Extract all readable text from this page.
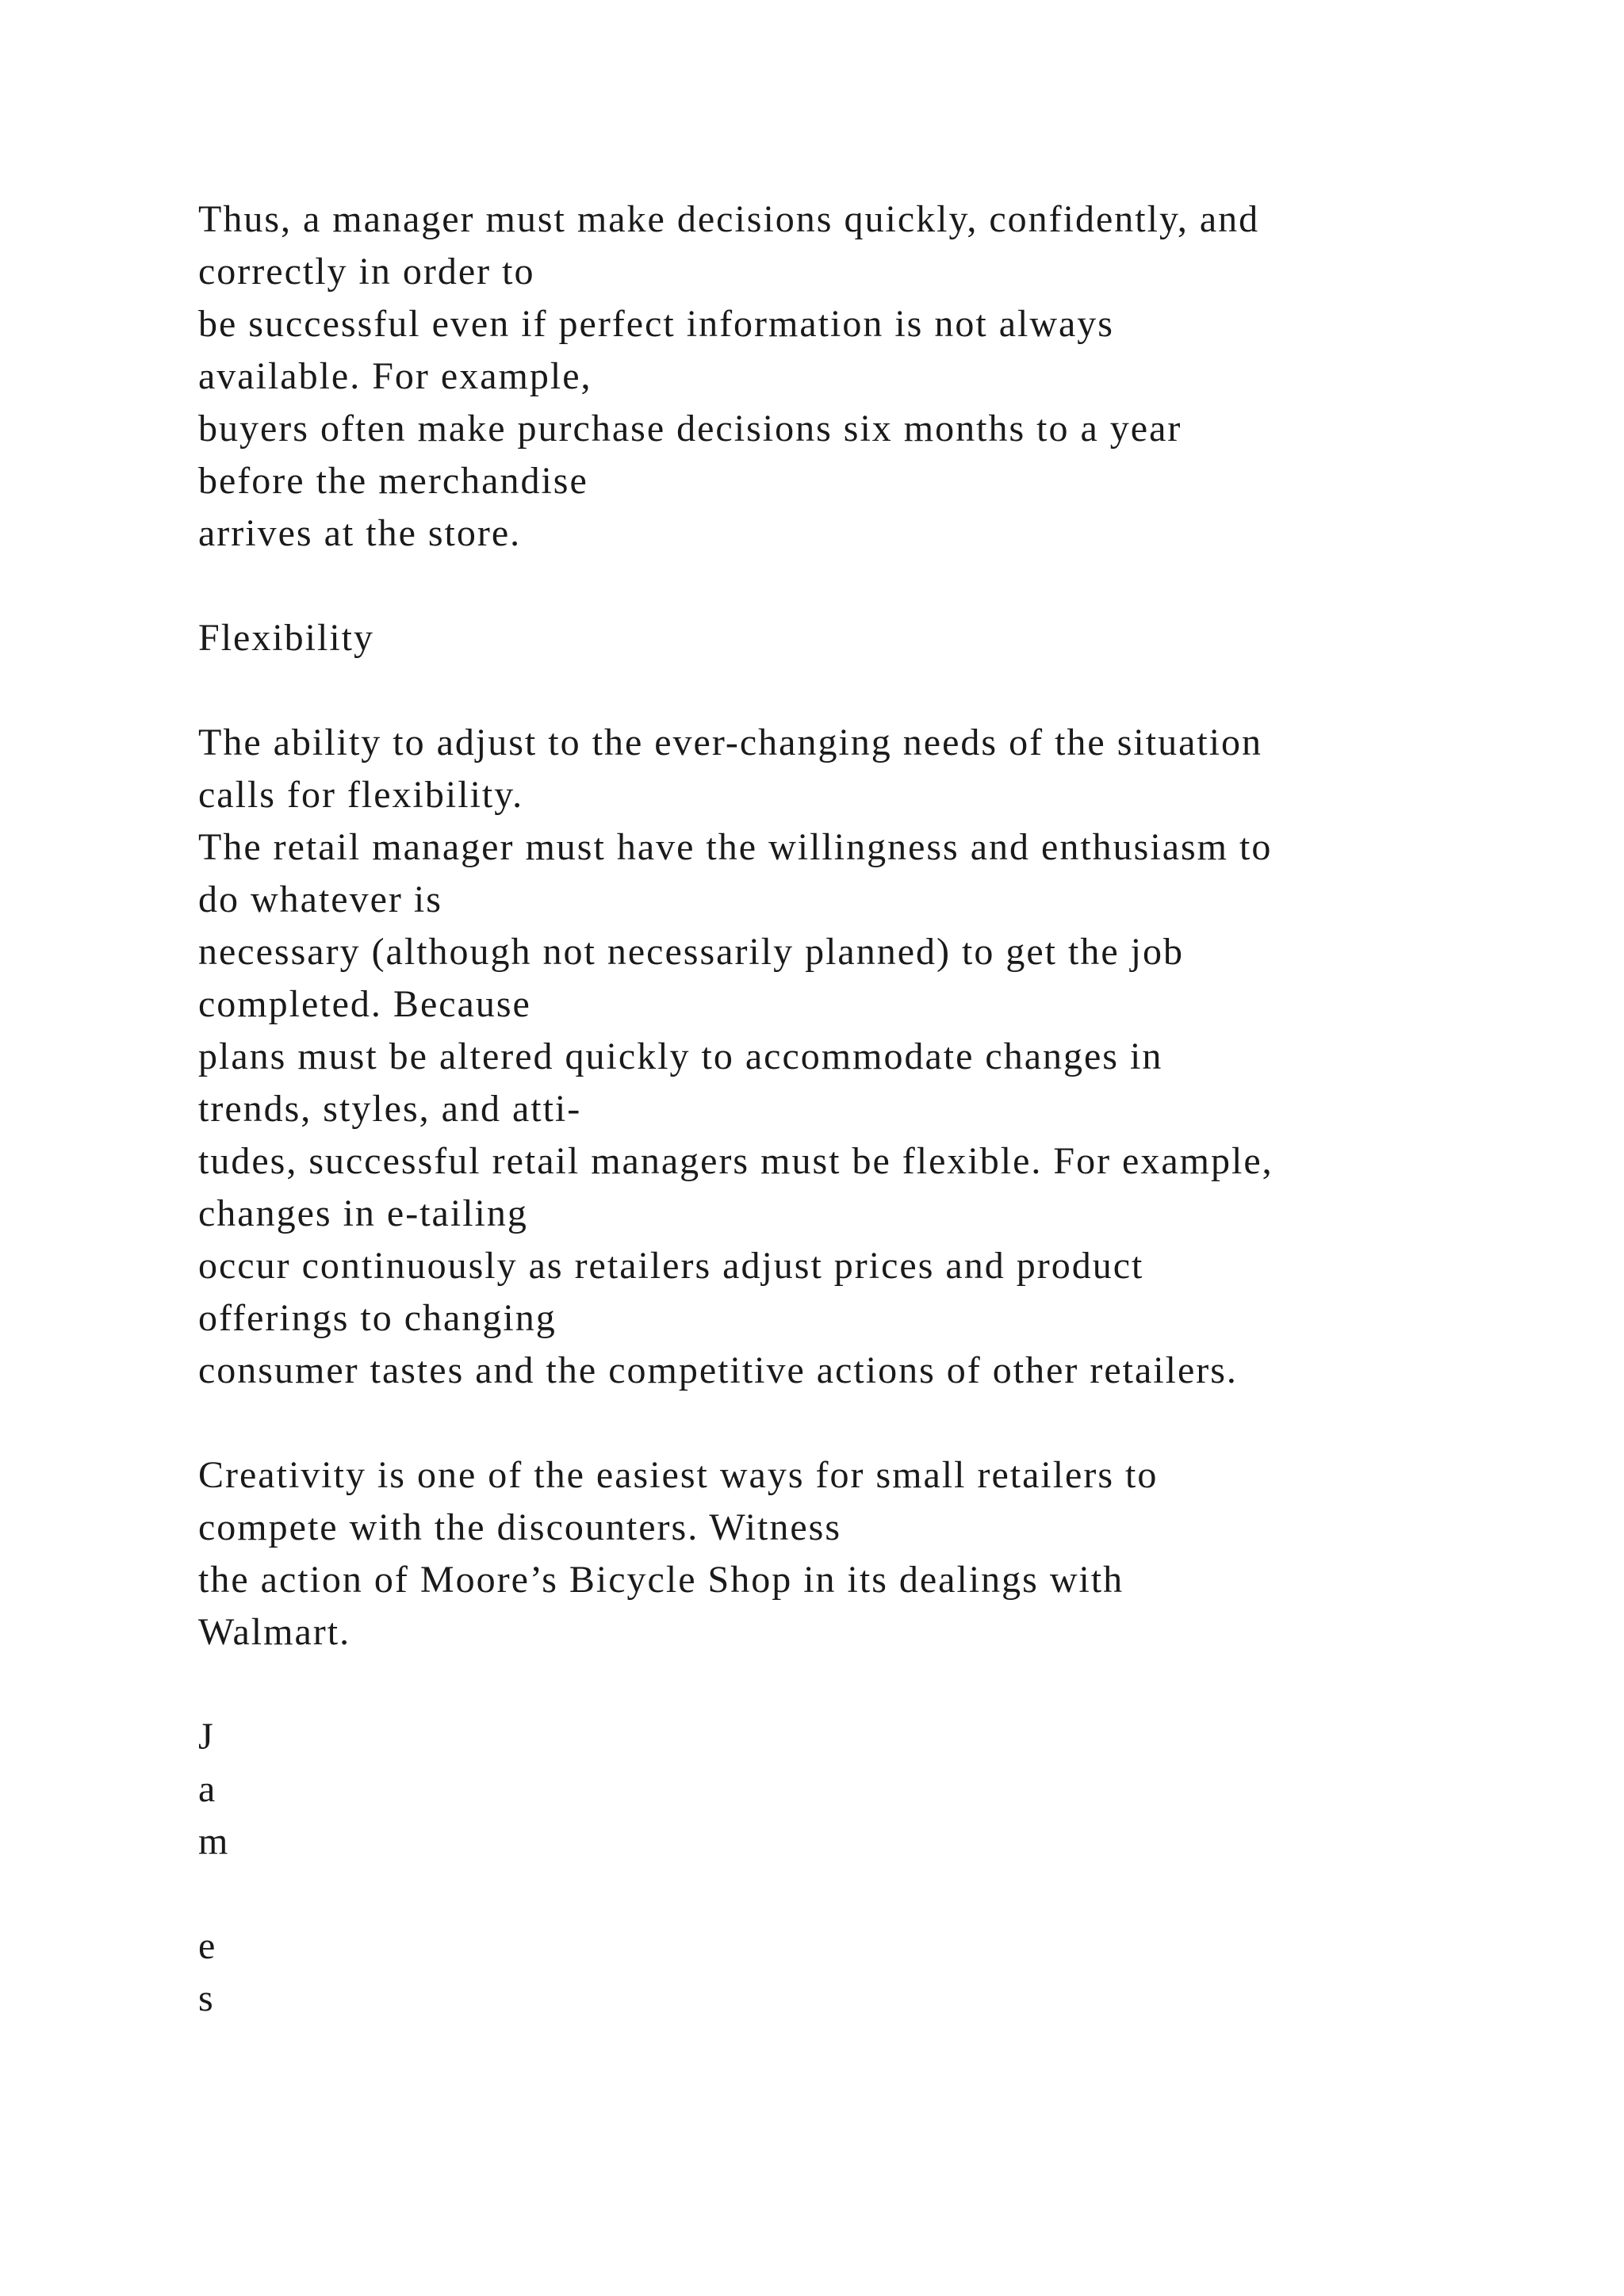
Thus, a manager must make decisions quickly, confidently, and
correctly in order to
be successful even if perfect information is not always
available. For example,
buyers often make purchase decisions six months to a year
before the merchandise
arrives at the store.
Flexibility
The ability to adjust to the ever-changing needs of the situation
calls for flexibility.
The retail manager must have the willingness and enthusiasm to
do whatever is
necessary (although not necessarily planned) to get the job
completed. Because
plans must be altered quickly to accommodate changes in
trends, styles, and atti-
tudes, successful retail managers must be flexible. For example,
changes in e-tailing
occur continuously as retailers adjust prices and product
offerings to changing
consumer tastes and the competitive actions of other retailers.
Creativity is one of the easiest ways for small retailers to
compete with the discounters. Witness
the action of Moore’s Bicycle Shop in its dealings with
Walmart.
J
a
m
e
s
